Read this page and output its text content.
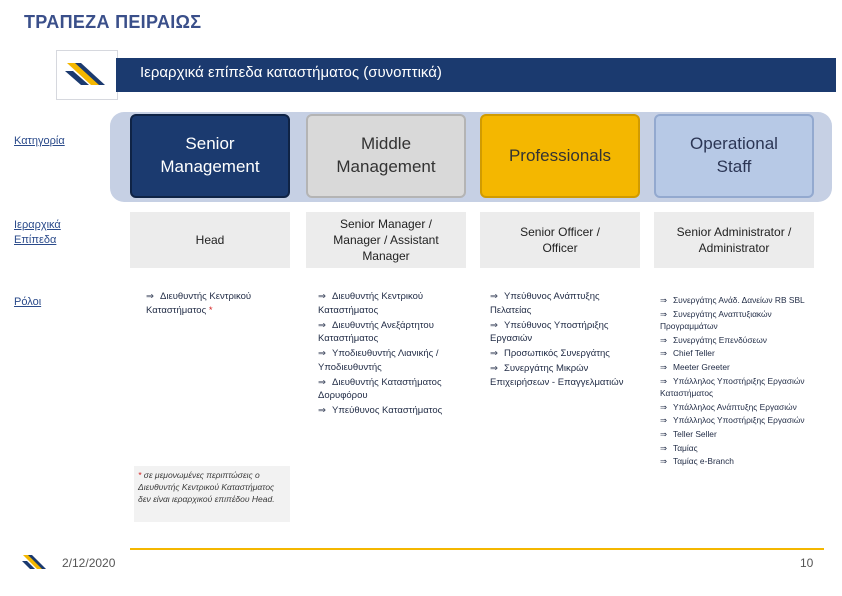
ΤΡΑΠΕΖΑ ΠΕΙΡΑΙΩΣ
Ιεραρχικά επίπεδα καταστήματος (συνοπτικά)
Κατηγορία
Ιεραρχικά Επίπεδα
Ρόλοι
Senior Management
Middle Management
Professionals
Operational Staff
Head
Senior Manager / Manager / Assistant Manager
Senior Officer / Officer
Senior Administrator / Administrator
⇒ Διευθυντής Κεντρικού Καταστήματος *
⇒ Διευθυντής Κεντρικού Καταστήματος
⇒ Διευθυντής Ανεξάρτητου Καταστήματος
⇒ Υποδιευθυντής Λιανικής / Υποδιευθυντής
⇒ Διευθυντής Καταστήματος Δορυφόρου
⇒ Υπεύθυνος Καταστήματος
⇒ Υπεύθυνος Ανάπτυξης Πελατείας
⇒ Υπεύθυνος Υποστήριξης Εργασιών
⇒ Προσωπικός Συνεργάτης
⇒ Συνεργάτης Μικρών Επιχειρήσεων - Επαγγελματιών
⇒ Συνεργάτης Ανάδ. Δανείων RB SBL
⇒ Συνεργάτης Αναπτυξιακών Προγραμμάτων
⇒ Συνεργάτης Επενδύσεων
⇒ Chief Teller
⇒ Meeter Greeter
⇒ Υπάλληλος Υποστήριξης Εργασιών Καταστήματος
⇒ Υπάλληλος Ανάπτυξης Εργασιών
⇒ Υπάλληλος Υποστήριξης Εργασιών
⇒ Teller Seller
⇒ Ταμίας
⇒ Ταμίας e-Branch
* σε μεμονωμένες περιπτώσεις ο Διευθυντής Κεντρικού Καταστήματος δεν είναι ιεραρχικού επιπέδου Head.
2/12/2020	10
